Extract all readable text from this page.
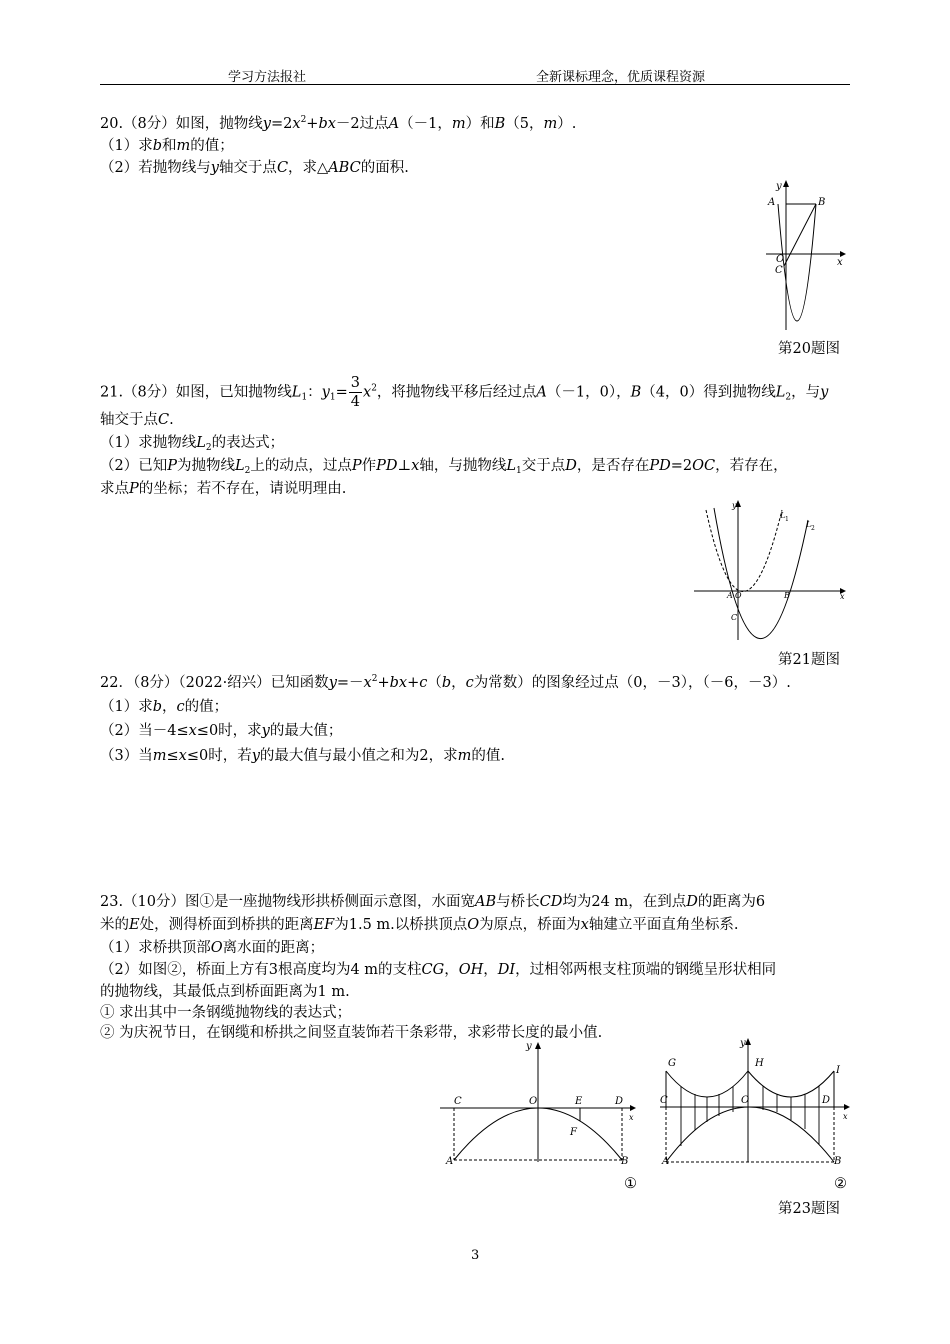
学习方法报社	全新课标理念，优质课程资源
20.（8分）如图，抛物线$y=2x^2+bx-2$过点A（－1，m）和B（5，m）.
（1）求b和m的值；
（2）若抛物线与y轴交于点C，求△ABC的面积.
y
A	B
O
C
x
第20题图
21.（8分）如图，已知抛物线$L_1$：$y_1= \frac{3}{4} x^2$，将抛物线平移后经过点A（－1，0），B（4，0）得到抛物线$L_2$，与y
轴交于点C.
（1）求抛物线$L_2$的表达式；
（2）已知P为抛物线$L_2$上的动点，过点P作PD⊥x轴，与抛物线$L_1$交于点D，是否存在PD=2OC，若存在，
求点P的坐标；若不存在，请说明理由.
y
L 1
L 2
A O	B
C
x
第21题图
22．（8分）（2022·绍兴）已知函数$y=-x^2+bx+c(b$，c为常数）的图象经过点（0，－3），（－6，－3）.
（1）求b，c的值；
（2）当－4≤x≤0时，求y的最大值；
（3）当m≤x≤0时，若y的最大值与最小值之和为2，求m的值.
23.（10分）图①是一座抛物线形拱桥侧面示意图，水面宽AB与桥长CD均为24 m，在到点D的距离为6
米的E处，测得桥面到桥拱的距离EF为1.5 m.以桥拱顶点O为原点，桥面为x轴建立平面直角坐标系.
（1）求桥拱顶部O离水面的距离；
（2）如图②，桥面上方有3根高度均为4 m的支柱CG，OH，DI，过相邻两根支柱顶端的钢缆呈形状相同
的抛物线，其最低点到桥面距离为1 m.
① 求出其中一条钢缆抛物线的表达式；
② 为庆祝节日，在钢缆和桥拱之间竖直装饰若干条彩带，求彩带长度的最小值.
y
C	O	E	D
x
F
A	B
y
G	H
I
C	O	D
x
A	B
①	②
第23题图
3
